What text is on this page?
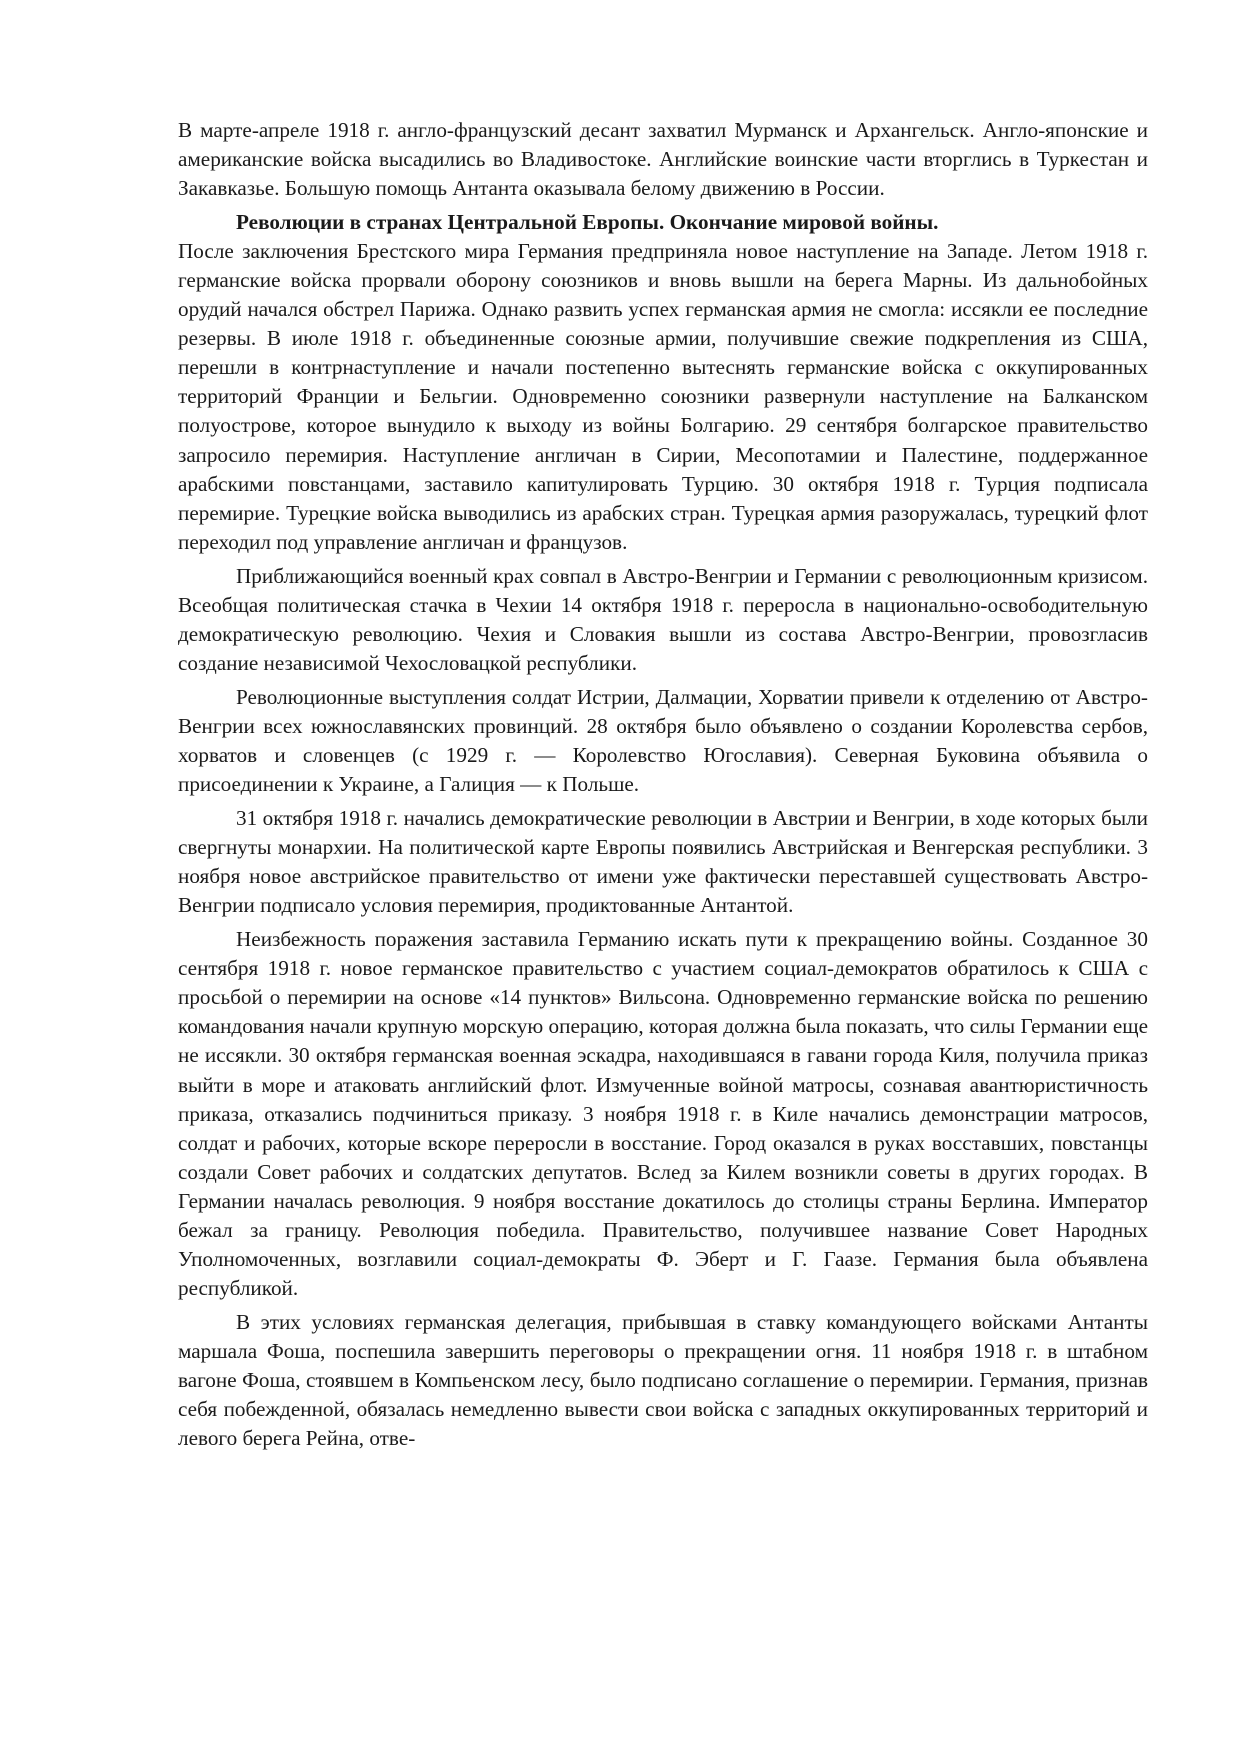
В марте-апреле 1918 г. англо-французский десант захватил Мурманск и Архангельск. Англо-японские и американские войска высадились во Владивостоке. Английские воинские части вторглись в Туркестан и Закавказье. Большую помощь Антанта оказывала белому движению в России.

Революции в странах Центральной Европы. Окончание мировой войны.
После заключения Брестского мира Германия предприняла новое наступление на Западе. Летом 1918 г. германские войска прорвали оборону союзников и вновь вышли на берега Марны. Из дальнобойных орудий начался обстрел Парижа. Однако развить успех германская армия не смогла: иссякли ее последние резервы. В июле 1918 г. объединенные союзные армии, получившие свежие подкрепления из США, перешли в контрнаступление и начали постепенно вытеснять германские войска с оккупированных территорий Франции и Бельгии. Одновременно союзники развернули наступление на Балканском полуострове, которое вынудило к выходу из войны Болгарию. 29 сентября болгарское правительство запросило перемирия. Наступление англичан в Сирии, Месопотамии и Палестине, поддержанное арабскими повстанцами, заставило капитулировать Турцию. 30 октября 1918 г. Турция подписала перемирие. Турецкие войска выводились из арабских стран. Турецкая армия разоружалась, турецкий флот переходил под управление англичан и французов.

Приближающийся военный крах совпал в Австро-Венгрии и Германии с революционным кризисом. Всеобщая политическая стачка в Чехии 14 октября 1918 г. переросла в национально-освободительную демократическую революцию. Чехия и Словакия вышли из состава Австро-Венгрии, провозгласив создание независимой Чехословацкой республики.

Революционные выступления солдат Истрии, Далмации, Хорватии привели к отделению от Австро-Венгрии всех южнославянских провинций. 28 октября было объявлено о создании Королевства сербов, хорватов и словенцев (с 1929 г. — Королевство Югославия). Северная Буковина объявила о присоединении к Украине, а Галиция — к Польше.

31 октября 1918 г. начались демократические революции в Австрии и Венгрии, в ходе которых были свергнуты монархии. На политической карте Европы появились Австрийская и Венгерская республики. 3 ноября новое австрийское правительство от имени уже фактически переставшей существовать Австро-Венгрии подписало условия перемирия, продиктованные Антантой.

Неизбежность поражения заставила Германию искать пути к прекращению войны. Созданное 30 сентября 1918 г. новое германское правительство с участием социал-демократов обратилось к США с просьбой о перемирии на основе «14 пунктов» Вильсона. Одновременно германские войска по решению командования начали крупную морскую операцию, которая должна была показать, что силы Германии еще не иссякли. 30 октября германская военная эскадра, находившаяся в гавани города Киля, получила приказ выйти в море и атаковать английский флот. Измученные войной матросы, сознавая авантюристичность приказа, отказались подчиниться приказу. 3 ноября 1918 г. в Киле начались демонстрации матросов, солдат и рабочих, которые вскоре переросли в восстание. Город оказался в руках восставших, повстанцы создали Совет рабочих и солдатских депутатов. Вслед за Килем возникли советы в других городах. В Германии началась революция. 9 ноября восстание докатилось до столицы страны Берлина. Император бежал за границу. Революция победила. Правительство, получившее название Совет Народных Уполномоченных, возглавили социал-демократы Ф. Эберт и Г. Гаазе. Германия была объявлена республикой.

В этих условиях германская делегация, прибывшая в ставку командующего войсками Антанты маршала Фоша, поспешила завершить переговоры о прекращении огня. 11 ноября 1918 г. в штабном вагоне Фоша, стоявшем в Компьенском лесу, было подписано соглашение о перемирии. Германия, признав себя побежденной, обязалась немедленно вывести свои войска с западных оккупированных территорий и левого берега Рейна, отве-
